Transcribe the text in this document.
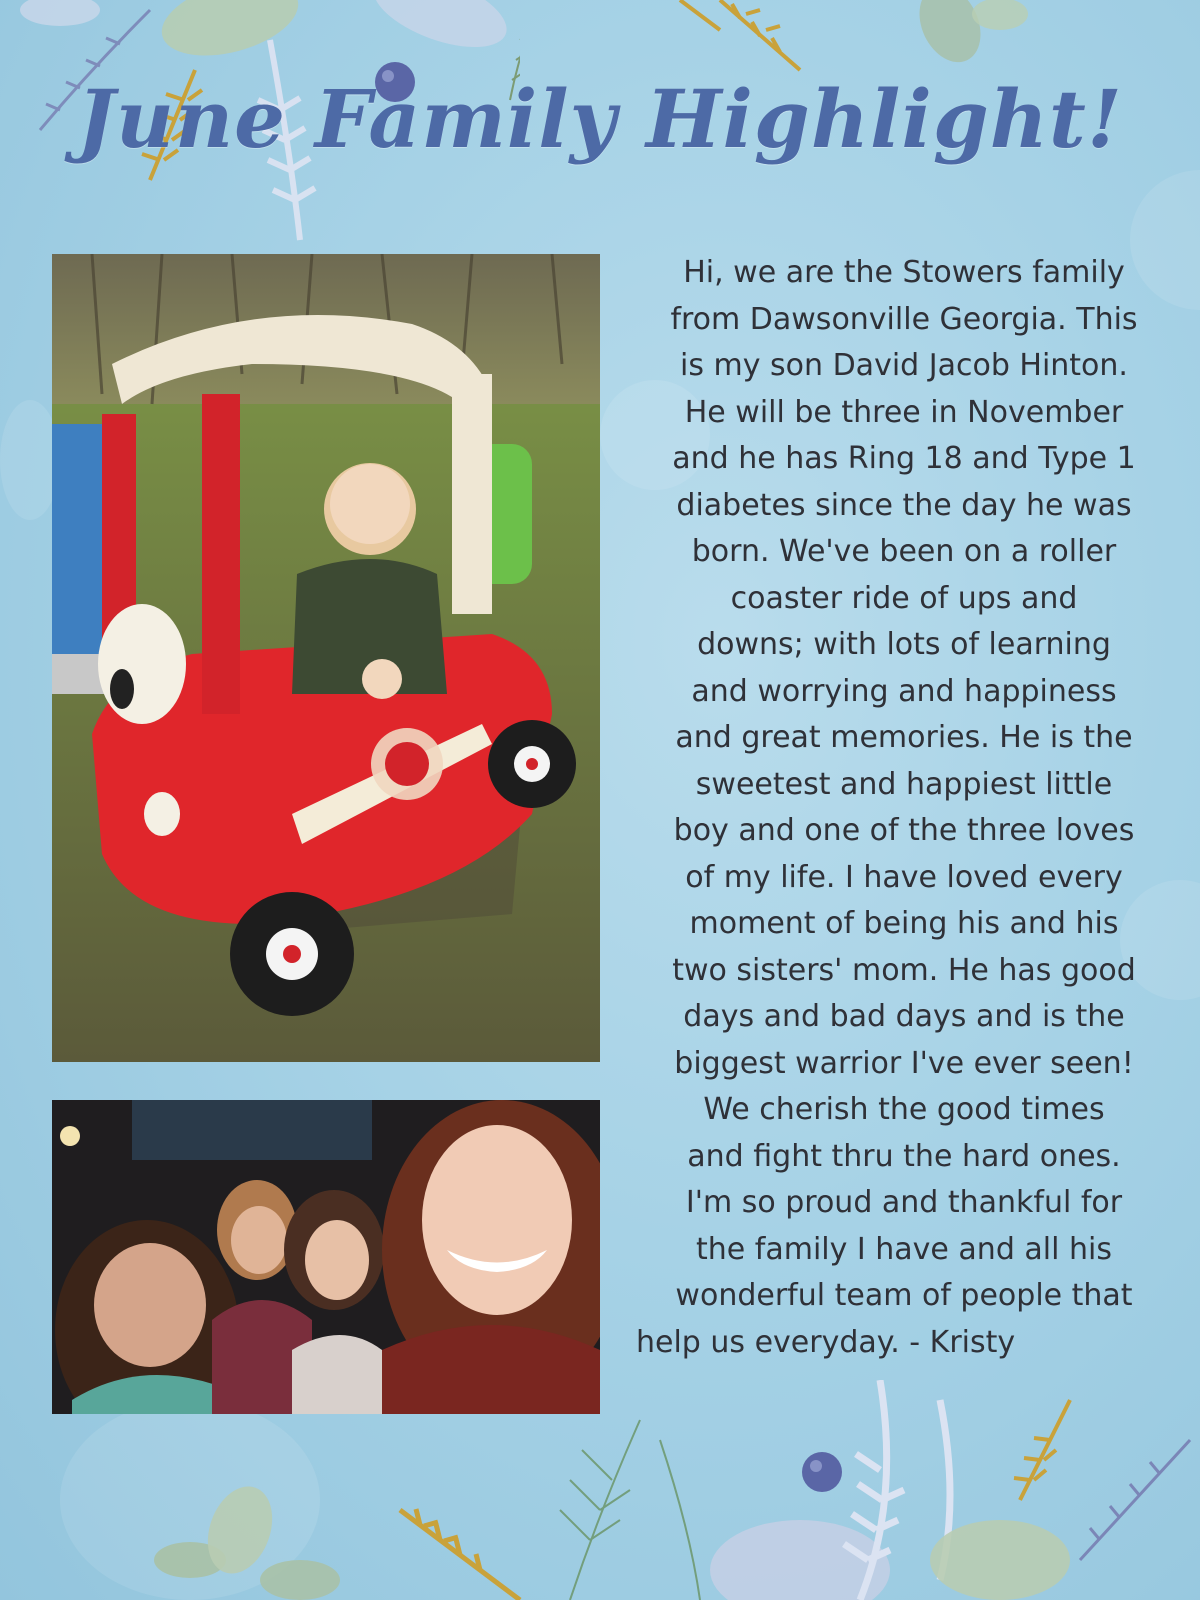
June Family Highlight!
Hi, we are the Stowers family
from Dawsonville Georgia. This
is my son David Jacob Hinton.
He will be three in November
and he has Ring 18 and Type 1
diabetes since the day he was
born. We've been on a roller
coaster ride of ups and
downs; with lots of learning
and worrying and happiness
and great memories. He is the
sweetest and happiest little
boy and one of the three loves
of my life. I have loved every
moment of being his and his
two sisters' mom. He has good
days and bad days and is the
biggest warrior I've ever seen!
We cherish the good times
and fight thru the hard ones.
I'm so proud and thankful for
the family I have and all his
wonderful team of people that
help us everyday. - Kristy
